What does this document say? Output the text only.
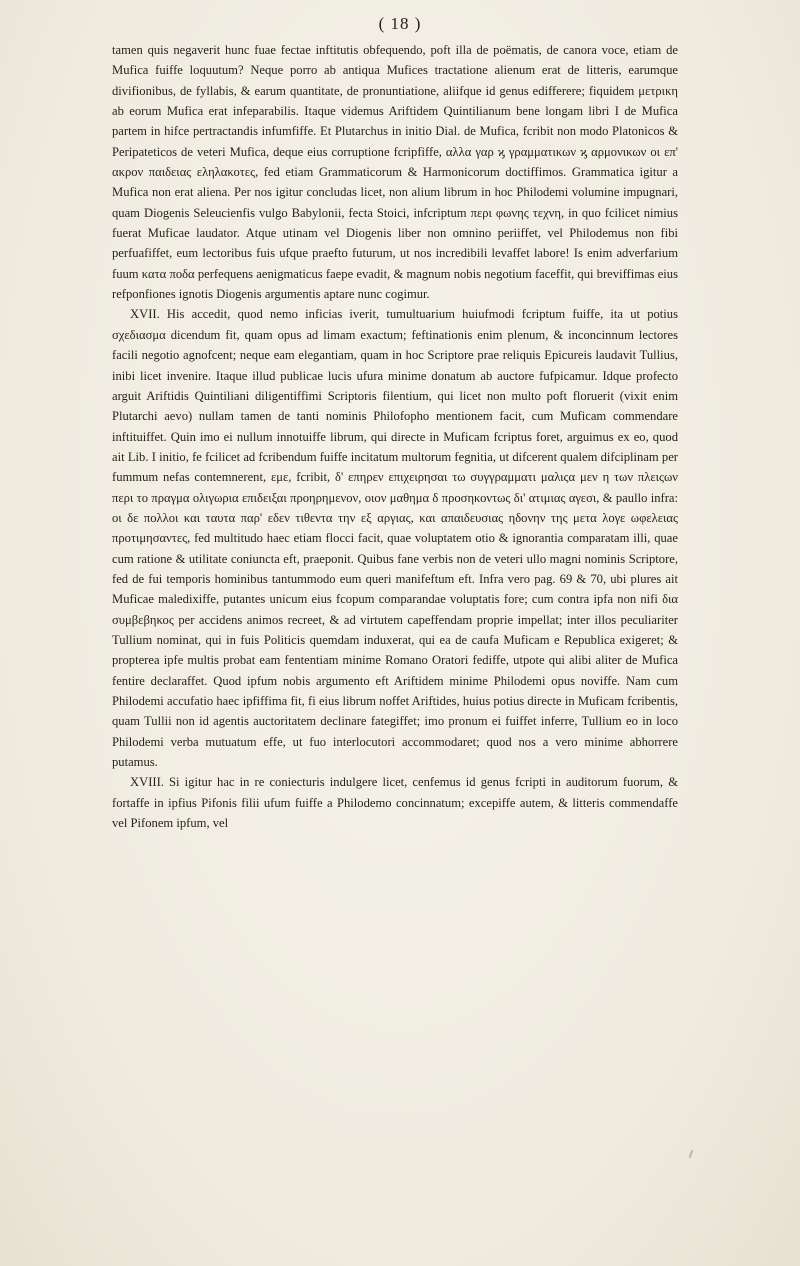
( 18 )

tamen quis negaverit hunc fuae fectae inftitutis obfequendo, poft illa de poëmatis, de canora voce, etiam de Mufica fuiffe loquutum? Neque porro ab antiqua Mufices tractatione alienum erat de litteris, earumque divifionibus, de fyllabis, & earum quantitate, de pronuntiatione, aliifque id genus edifferere; fiquidem μετρικη ab eorum Mufica erat infeparabilis. Itaque videmus Ariftidem Quintilianum bene longam libri I de Mufica partem in hifce pertractandis infumfiffe. Et Plutarchus in initio Dial. de Mufica, fcribit non modo Platonicos & Peripateticos de veteri Mufica, deque eius corruptione fcripfiffe, αλλα γαρ ϗ γραμματικων ϗ αρμονικων οι επ' ακρον παιδειας εληλακοτες, fed etiam Grammaticorum & Harmonicorum doctiffimos. Grammatica igitur a Mufica non erat aliena. Per nos igitur concludas licet, non alium librum in hoc Philodemi volumine impugnari, quam Diogenis Seleucienfis vulgo Babylonii, fecta Stoici, infcriptum περι φωνης τεχνη, in quo fcilicet nimius fuerat Muficae laudator. Atque utinam vel Diogenis liber non omnino periiffet, vel Philodemus non fibi perfuafiffet, eum lectoribus fuis ufque praefto futurum, ut nos incredibili levaffet labore! Is enim adverfarium fuum κατα ποδα perfequens aenigmaticus faepe evadit, & magnum nobis negotium faceffit, qui breviffimas eius refponfiones ignotis Diogenis argumentis aptare nunc cogimur.

XVII. His accedit, quod nemo inficias iverit, tumultuarium huiufmodi fcriptum fuiffe, ita ut potius σχεδιασμα dicendum fit, quam opus ad limam exactum; feftinationis enim plenum, & inconcinnum lectores facili negotio agnofcent; neque eam elegantiam, quam in hoc Scriptore prae reliquis Epicureis laudavit Tullius, inibi licet invenire. Itaque illud publicae lucis ufura minime donatum ab auctore fufpicamur. Idque profecto arguit Ariftidis Quintiliani diligentiffimi Scriptoris filentium, qui licet non multo poft floruerit (vixit enim Plutarchi aevo) nullam tamen de tanti nominis Philofopho mentionem facit, cum Muficam commendare inftituiffet. Quin imo ei nullum innotuiffe librum, qui directe in Muficam fcriptus foret, arguimus ex eo, quod ait Lib. I initio, fe fcilicet ad fcribendum fuiffe incitatum multorum fegnitia, ut difcerent qualem difciplinam per fummum nefas contemnerent, εμε, fcribit, δ' επηρεν επιχειρησαι τω συγγραμματι μαλιςα μεν η των πλειςων περι το πραγμα ολιγωρια επιδειξαι προηρημενον, οιον μαθημα δ προσηκοντως δι' ατιμιας αγεσι, & paullo infra: οι δε πολλοι και ταυτα παρ' εδεν τιθεντα την εξ αργιας, και απαιδευσιας ηδονην της μετα λογε ωφελειας προτιμησαντες, fed multitudo haec etiam flocci facit, quae voluptatem otio & ignorantia comparatam illi, quae cum ratione & utilitate coniuncta eft, praeponit. Quibus fane verbis non de veteri ullo magni nominis Scriptore, fed de fui temporis hominibus tantummodo eum queri manifeftum eft. Infra vero pag. 69 & 70, ubi plures ait Muficae maledixiffe, putantes unicum eius fcopum comparandae voluptatis fore; cum contra ipfa non nifi δια συμβεβηκος per accidens animos recreet, & ad virtutem capeffendam proprie impellat; inter illos peculiariter Tullium nominat, qui in fuis Politicis quemdam induxerat, qui ea de caufa Muficam e Republica exigeret; & propterea ipfe multis probat eam fententiam minime Romano Oratori fediffe, utpote qui alibi aliter de Mufica fentire declaraffet. Quod ipfum nobis argumento eft Ariftidem minime Philodemi opus noviffe. Nam cum Philodemi accufatio haec ipfiffima fit, fi eius librum noffet Ariftides, huius potius directe in Muficam fcribentis, quam Tullii non id agentis auctoritatem declinare fategiffet; imo pronum ei fuiffet inferre, Tullium eo in loco Philodemi verba mutuatum effe, ut fuo interlocutori accommodaret; quod nos a vero minime abhorrere putamus.

XVIII. Si igitur hac in re coniecturis indulgere licet, cenfemus id genus fcripti in auditorum fuorum, & fortaffe in ipfius Pifonis filii ufum fuiffe a Philodemo concinnatum; excepiffe autem, & litteris commendaffe vel Pifonem ipfum, vel
